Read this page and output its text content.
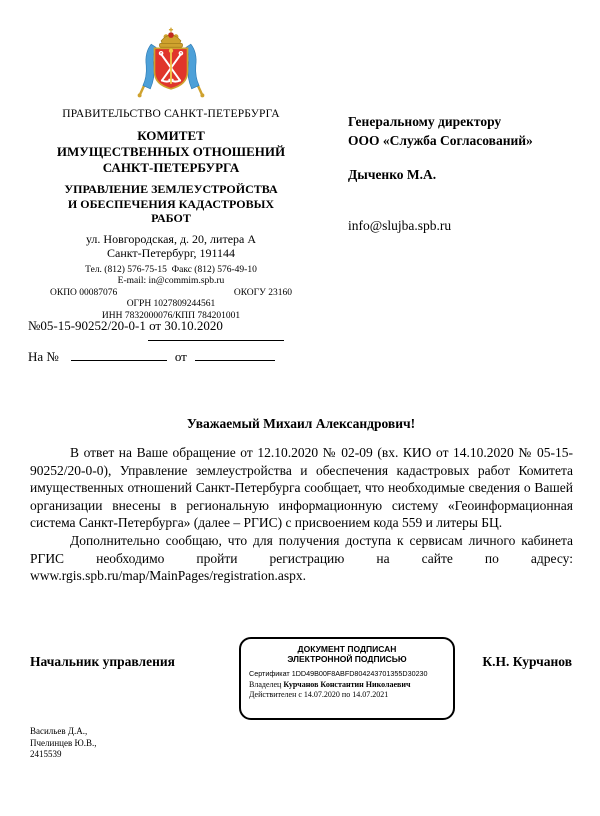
ПРАВИТЕЛЬСТВО САНКТ-ПЕТЕРБУРГА
КОМИТЕТ
ИМУЩЕСТВЕННЫХ ОТНОШЕНИЙ
САНКТ-ПЕТЕРБУРГА
УПРАВЛЕНИЕ ЗЕМЛЕУСТРОЙСТВА
И ОБЕСПЕЧЕНИЯ КАДАСТРОВЫХ
РАБОТ
ул. Новгородская, д. 20, литера А
Санкт-Петербург, 191144
Тел. (812) 576-75-15 Факс (812) 576-49-10
E-mail: in@commim.spb.ru
ОКПО 00087076	ОКОГУ 23160
ОГРН 1027809244561
ИНН 7832000076/КПП 784201001
№05-15-90252/20-0-1 от 30.10.2020
На №	от
Генеральному директору
ООО «Служба Согласований»
Дыченко М.А.
info@slujba.spb.ru
Уважаемый Михаил Александрович!

В ответ на Ваше обращение от 12.10.2020 № 02-09 (вх. КИО от 14.10.2020 № 05-15-90252/20-0-0), Управление землеустройства и обеспечения кадастровых работ Комитета имущественных отношений Санкт-Петербурга сообщает, что необходимые сведения о Вашей организации внесены в региональную информационную систему «Геоинформационная система Санкт-Петербурга» (далее – РГИС) с присвоением кода 559 и литеры БЦ.

Дополнительно сообщаю, что для получения доступа к сервисам личного кабинета РГИС необходимо пройти регистрацию на сайте по адресу: www.rgis.spb.ru/map/MainPages/registration.aspx.

Начальник управления
ДОКУМЕНТ ПОДПИСАН
ЭЛЕКТРОННОЙ ПОДПИСЬЮ
Сертификат 1DD49B00F8ABFD804243701355D30230
Владелец Курчанов Константин Николаевич
Действителен с 14.07.2020 по 14.07.2021
К.Н. Курчанов
Васильев Д.А.,
Пчелинцев Ю.В.,
2415539
